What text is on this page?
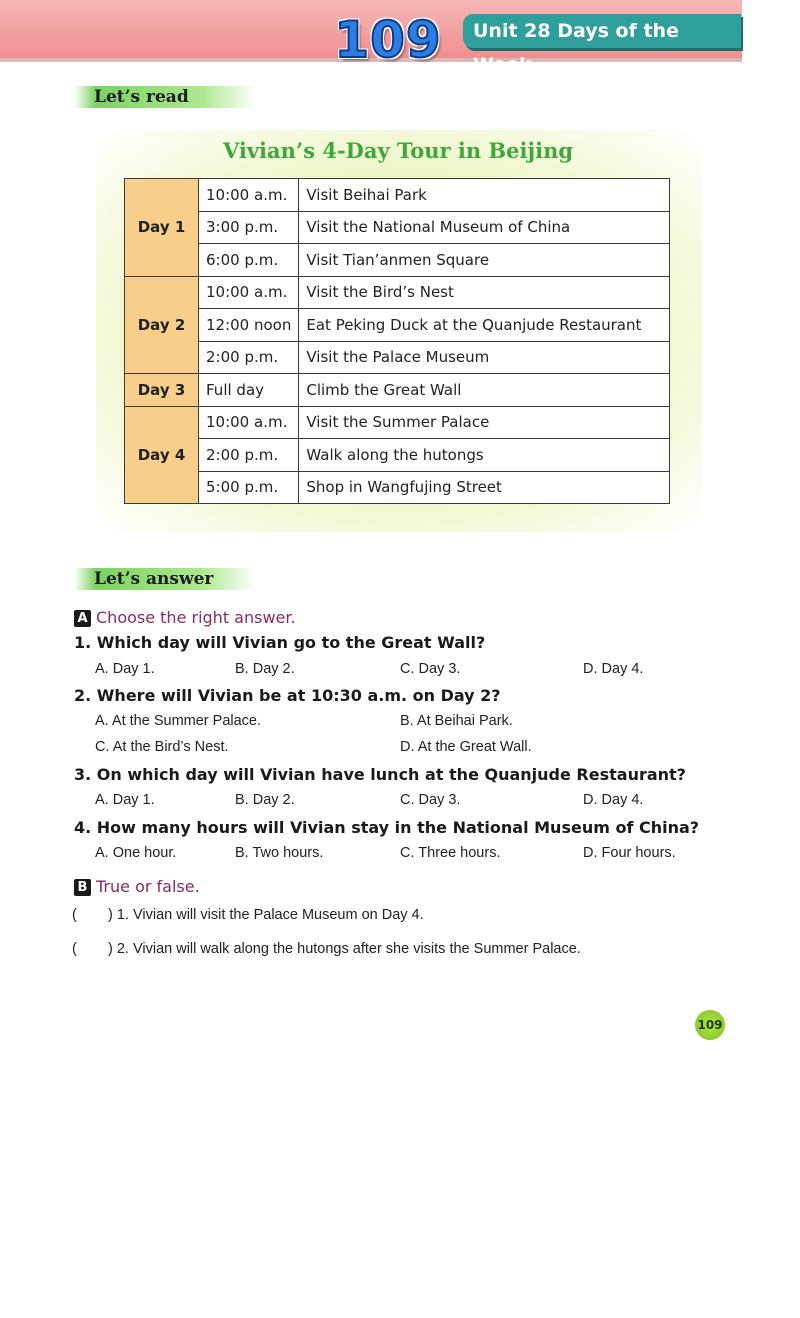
109	Unit 28 Days of the Week
Let’s read
Vivian’s 4-Day Tour in Beijing
Day 1	10:00 a.m.	Visit Beihai Park
	3:00 p.m.	Visit the National Museum of China
	6:00 p.m.	Visit Tian’anmen Square
Day 2	10:00 a.m.	Visit the Bird’s Nest
	12:00 noon	Eat Peking Duck at the Quanjude Restaurant
	2:00 p.m.	Visit the Palace Museum
Day 3	Full day	Climb the Great Wall
Day 4	10:00 a.m.	Visit the Summer Palace
	2:00 p.m.	Walk along the hutongs
	5:00 p.m.	Shop in Wangfujing Street
Let’s answer
A Choose the right answer.
1. Which day will Vivian go to the Great Wall?
A. Day 1.	B. Day 2.	C. Day 3.	D. Day 4.
2. Where will Vivian be at 10:30 a.m. on Day 2?
A. At the Summer Palace.	B. At Beihai Park.
C. At the Bird’s Nest.	D. At the Great Wall.
3. On which day will Vivian have lunch at the Quanjude Restaurant?
A. Day 1.	B. Day 2.	C. Day 3.	D. Day 4.
4. How many hours will Vivian stay in the National Museum of China?
A. One hour.	B. Two hours.	C. Three hours.	D. Four hours.
B True or false.
( ) 1. Vivian will visit the Palace Museum on Day 4.
( ) 2. Vivian will walk along the hutongs after she visits the Summer Palace.
109
